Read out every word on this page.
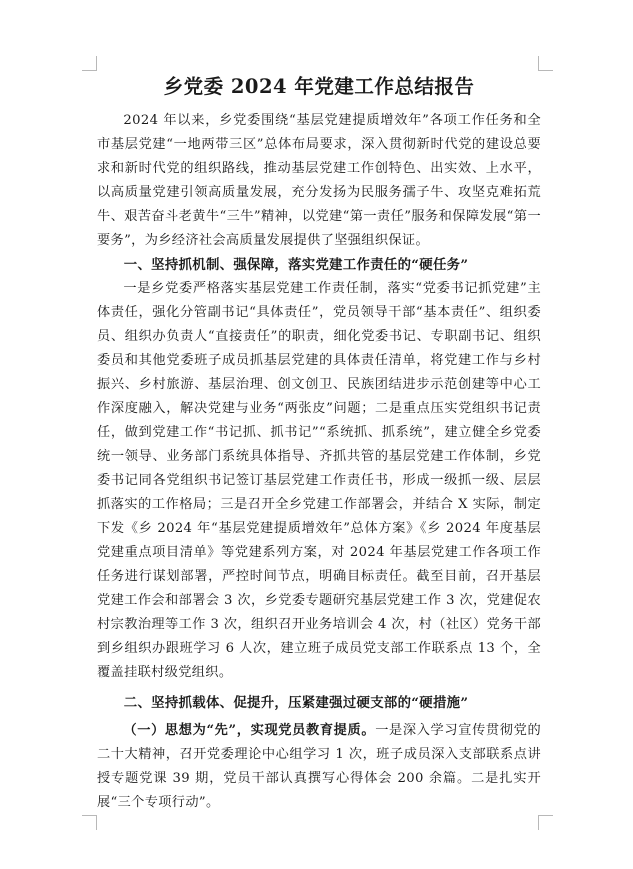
乡党委 2024 年党建工作总结报告

2024 年以来，乡党委围绕“基层党建提质增效年”各项工作任务和全市基层党建“一地两带三区”总体布局要求，深入贯彻新时代党的建设总要求和新时代党的组织路线，推动基层党建工作创特色、出实效、上水平，以高质量党建引领高质量发展，充分发扬为民服务孺子牛、攻坚克难拓荒牛、艰苦奋斗老黄牛“三牛”精神，以党建“第一责任”服务和保障发展“第一要务”，为乡经济社会高质量发展提供了坚强组织保证。

一、坚持抓机制、强保障，落实党建工作责任的“硬任务”

一是乡党委严格落实基层党建工作责任制，落实“党委书记抓党建”主体责任，强化分管副书记“具体责任”，党员领导干部“基本责任”、组织委员、组织办负责人“直接责任”的职责，细化党委书记、专职副书记、组织委员和其他党委班子成员抓基层党建的具体责任清单，将党建工作与乡村振兴、乡村旅游、基层治理、创文创卫、民族团结进步示范创建等中心工作深度融入，解决党建与业务“两张皮”问题；二是重点压实党组织书记责任，做到党建工作“书记抓、抓书记”“系统抓、抓系统”，建立健全乡党委统一领导、业务部门系统具体指导、齐抓共管的基层党建工作体制，乡党委书记同各党组织书记签订基层党建工作责任书，形成一级抓一级、层层抓落实的工作格局；三是召开全乡党建工作部署会，并结合 X 实际，制定下发《乡 2024 年“基层党建提质增效年”总体方案》《乡 2024 年度基层党建重点项目清单》等党建系列方案，对 2024 年基层党建工作各项工作任务进行谋划部署，严控时间节点，明确目标责任。截至目前，召开基层党建工作会和部署会 3 次，乡党委专题研究基层党建工作 3 次，党建促农村宗教治理等工作 3 次，组织召开业务培训会 4 次，村（社区）党务干部到乡组织办跟班学习 6 人次，建立班子成员党支部工作联系点 13 个，全覆盖挂联村级党组织。

二、坚持抓载体、促提升，压紧建强过硬支部的“硬措施”

（一）思想为“先”，实现党员教育提质。一是深入学习宣传贯彻党的二十大精神，召开党委理论中心组学习 1 次，班子成员深入支部联系点讲授专题党课 39 期，党员干部认真撰写心得体会 200 余篇。二是扎实开展“三个专项行动”。
